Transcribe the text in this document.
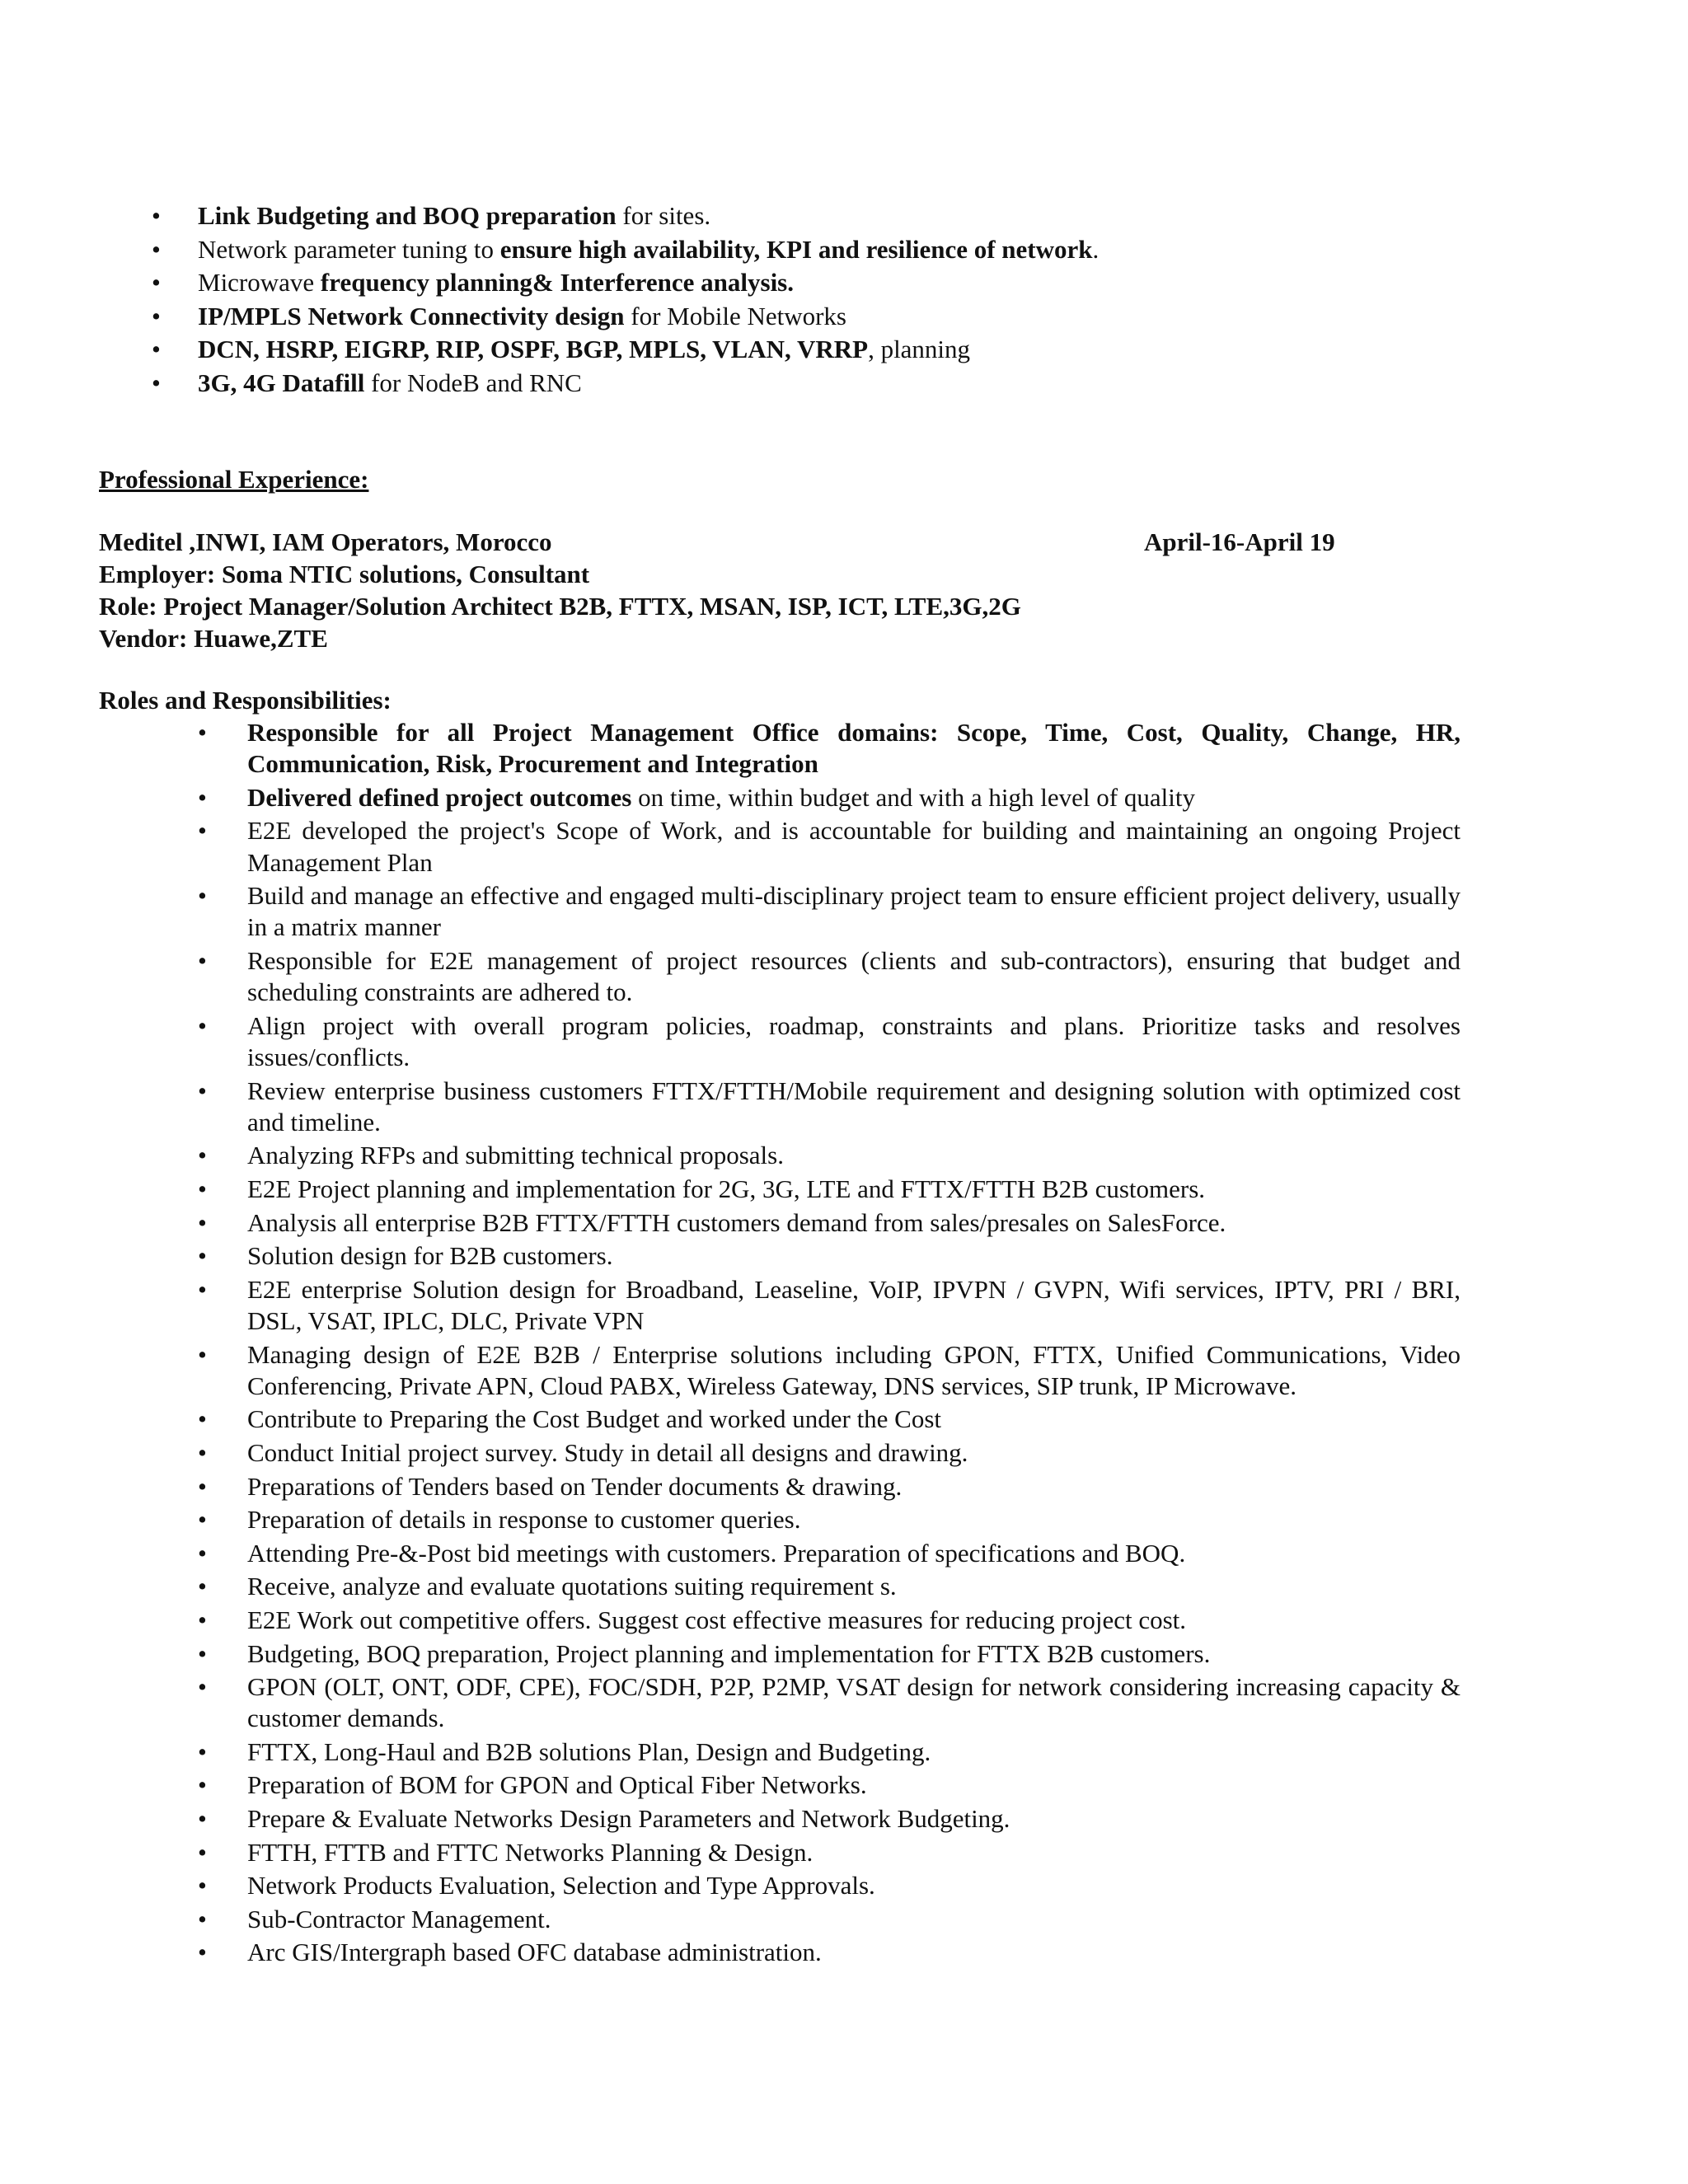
• Link Budgeting and BOQ preparation for sites.
• Network parameter tuning to ensure high availability, KPI and resilience of network.
• Microwave frequency planning& Interference analysis.
• IP/MPLS Network Connectivity design for Mobile Networks
• DCN, HSRP, EIGRP, RIP, OSPF, BGP, MPLS, VLAN, VRRP, planning
• 3G, 4G Datafill for NodeB and RNC
Professional Experience:
Meditel ,INWI, IAM Operators, Morocco	April-16-April 19
Employer: Soma NTIC solutions, Consultant
Role: Project Manager/Solution Architect B2B, FTTX, MSAN, ISP, ICT, LTE,3G,2G
Vendor: Huawe,ZTE
Roles and Responsibilities:
• Responsible for all Project Management Office domains: Scope, Time, Cost, Quality, Change, HR, Communication, Risk, Procurement and Integration
• Delivered defined project outcomes on time, within budget and with a high level of quality
• E2E developed the project's Scope of Work, and is accountable for building and maintaining an ongoing Project Management Plan
• Build and manage an effective and engaged multi-disciplinary project team to ensure efficient project delivery, usually in a matrix manner
• Responsible for E2E management of project resources (clients and sub-contractors), ensuring that budget and scheduling constraints are adhered to.
• Align project with overall program policies, roadmap, constraints and plans. Prioritize tasks and resolves issues/conflicts.
• Review enterprise business customers FTTX/FTTH/Mobile requirement and designing solution with optimized cost and timeline.
• Analyzing RFPs and submitting technical proposals.
• E2E Project planning and implementation for 2G, 3G, LTE and FTTX/FTTH B2B customers.
• Analysis all enterprise B2B FTTX/FTTH customers demand from sales/presales on SalesForce.
• Solution design for B2B customers.
• E2E enterprise Solution design for Broadband, Leaseline, VoIP, IPVPN / GVPN, Wifi services, IPTV, PRI / BRI, DSL, VSAT, IPLC, DLC, Private VPN
• Managing design of E2E B2B / Enterprise solutions including GPON, FTTX, Unified Communications, Video Conferencing, Private APN, Cloud PABX, Wireless Gateway, DNS services, SIP trunk, IP Microwave.
• Contribute to Preparing the Cost Budget and worked under the Cost
• Conduct Initial project survey. Study in detail all designs and drawing.
• Preparations of Tenders based on Tender documents & drawing.
• Preparation of details in response to customer queries.
• Attending Pre-&-Post bid meetings with customers. Preparation of specifications and BOQ.
• Receive, analyze and evaluate quotations suiting requirement s.
• E2E Work out competitive offers. Suggest cost effective measures for reducing project cost.
• Budgeting, BOQ preparation, Project planning and implementation for FTTX B2B customers.
• GPON (OLT, ONT, ODF, CPE), FOC/SDH, P2P, P2MP, VSAT design for network considering increasing capacity & customer demands.
• FTTX, Long-Haul and B2B solutions Plan, Design and Budgeting.
• Preparation of BOM for GPON and Optical Fiber Networks.
• Prepare & Evaluate Networks Design Parameters and Network Budgeting.
• FTTH, FTTB and FTTC Networks Planning & Design.
• Network Products Evaluation, Selection and Type Approvals.
• Sub-Contractor Management.
• Arc GIS/Intergraph based OFC database administration.
